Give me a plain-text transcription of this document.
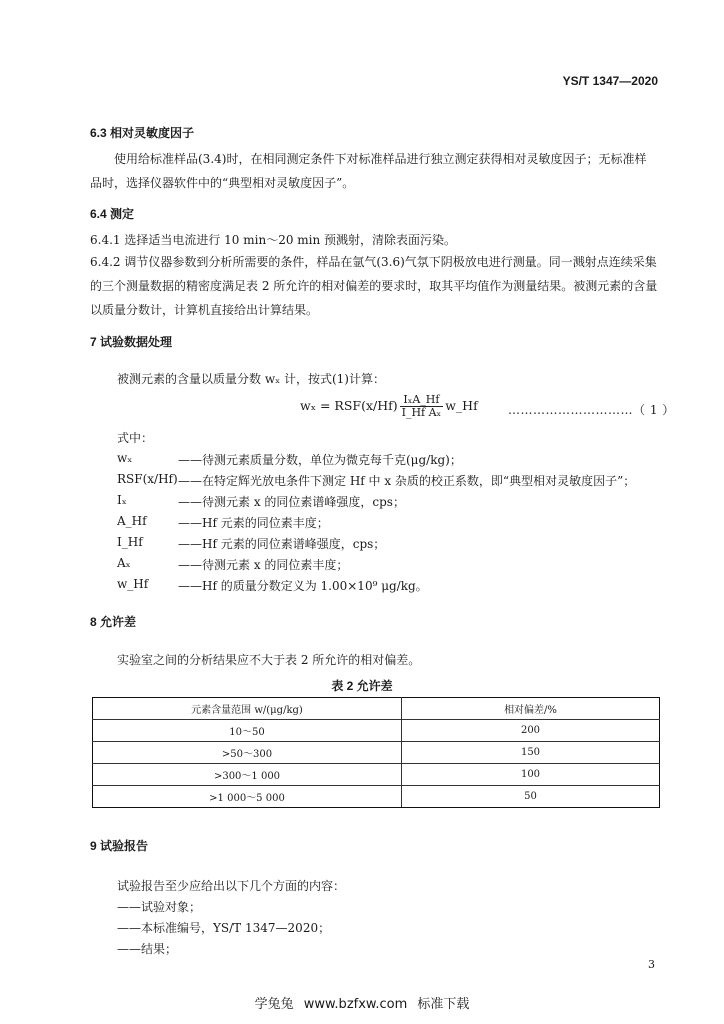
YS/T 1347—2020
6.3 相对灵敏度因子
使用给标准样品(3.4)时，在相同测定条件下对标准样品进行独立测定获得相对灵敏度因子；无标准样品时，选择仪器软件中的“典型相对灵敏度因子”。
6.4 测定
6.4.1 选择适当电流进行 10 min～20 min 预溅射，清除表面污染。
6.4.2 调节仪器参数到分析所需要的条件，样品在氩气(3.6)气氛下阴极放电进行测量。同一溅射点连续采集的三个测量数据的精密度满足表 2 所允许的相对偏差的要求时，取其平均值作为测量结果。被测元素的含量以质量分数计，计算机直接给出计算结果。
7 试验数据处理
被测元素的含量以质量分数 wₓ 计，按式(1)计算：
$w_x = RSF(x/Hf) \frac{\text{IₓA\_Hf}}{\text{I\_Hf Aₓ}}$ w_Hf	…………………………（ 1 ）
式中：
wₓ	——待测元素质量分数，单位为微克每千克(μg/kg)；
RSF(x/Hf) ——在特定辉光放电条件下测定 Hf 中 x 杂质的校正系数，即“典型相对灵敏度因子”；
Iₓ	——待测元素 x 的同位素谱峰强度，cps；
A_Hf	——Hf 元素的同位素丰度；
I_Hf	——Hf 元素的同位素谱峰强度，cps；
Aₓ	——待测元素 x 的同位素丰度；
w_Hf ——Hf 的质量分数定义为 1.00×10⁹ μg/kg。
8 允许差
实验室之间的分析结果应不大于表 2 所允许的相对偏差。
表 2 允许差
元素含量范围 w/(μg/kg)	相对偏差/%
10～50	200
>50～300	150
>300～1 000	100
>1 000～5 000	50
9 试验报告
试验报告至少应给出以下几个方面的内容：
——试验对象；
——本标准编号，YS/T 1347—2020；
——结果；
3
学兔兔 www.bzfxw.com 标准下载
